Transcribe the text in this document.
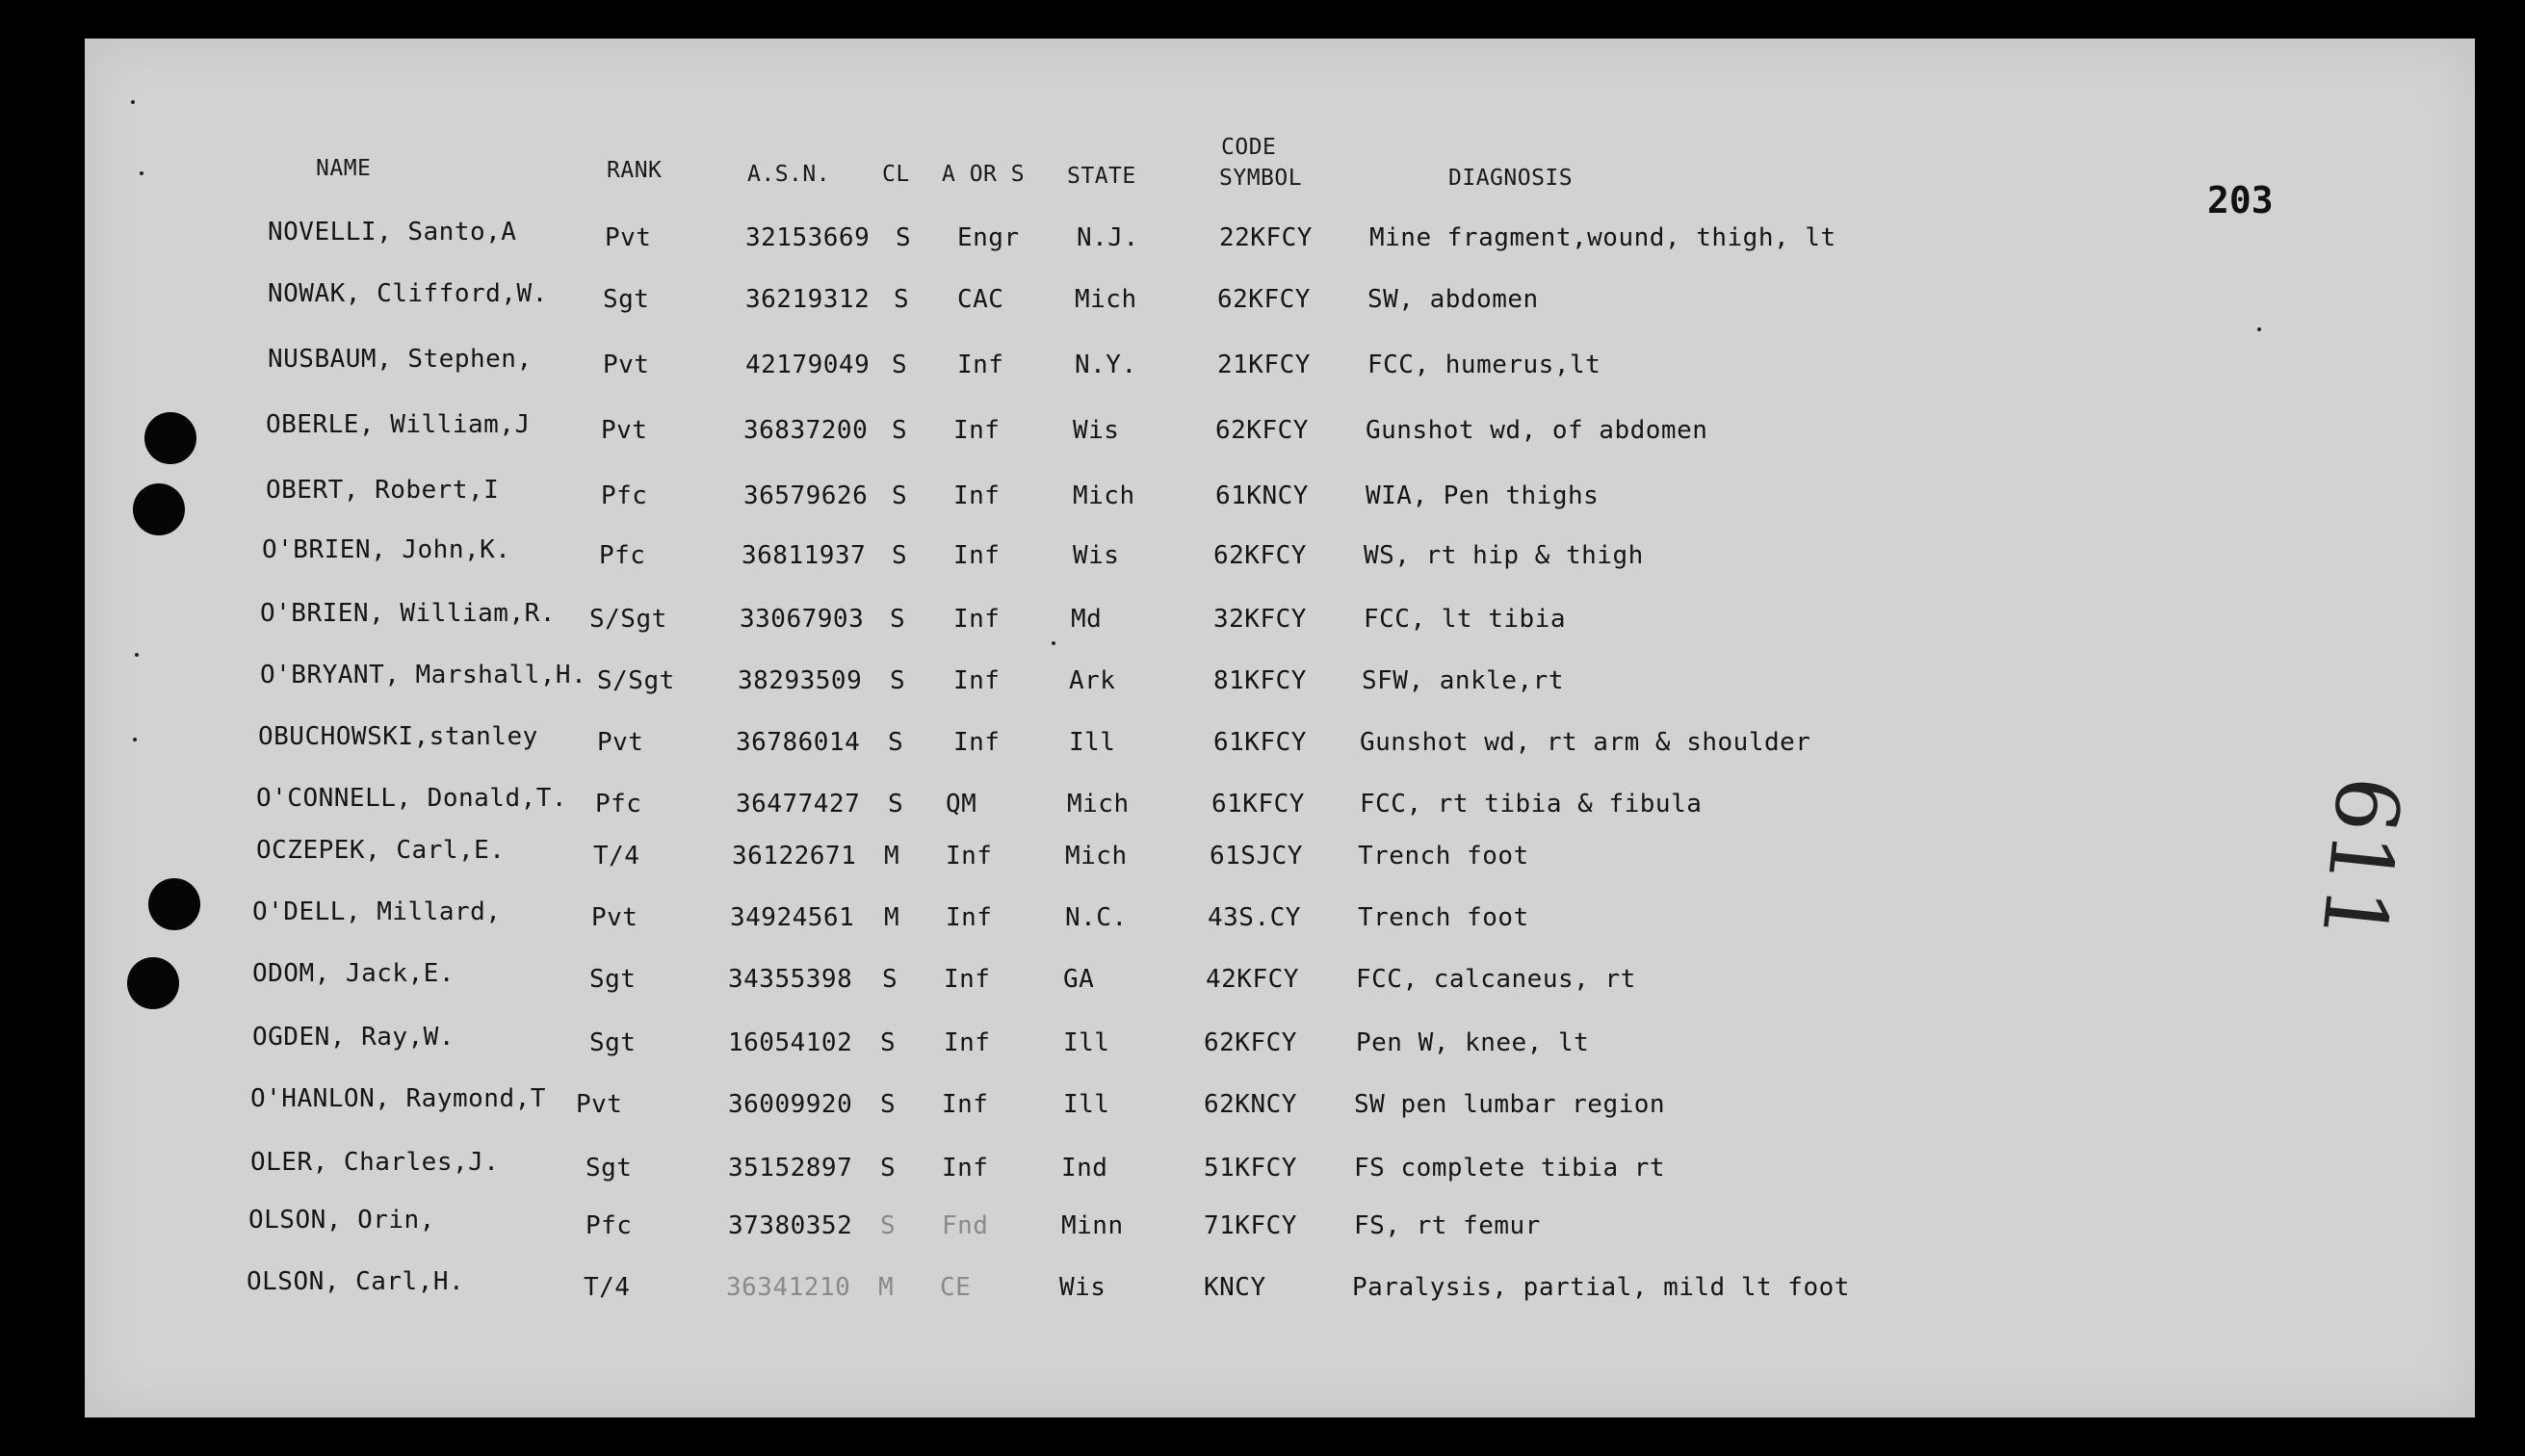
NAME	RANK	A.S.N. CL A OR S STATE
CODE
SYMBOL	DIAGNOSIS
203
611
NOVELLI, Santo,A	Pvt	32153669 S Engr N.J.	22KFCY Mine fragment,wound, thigh, lt
NOWAK, Clifford,W. Sgt	36219312 S CAC	Mich	62KFCY SW, abdomen
NUSBAUM, Stephen,	Pvt	42179049 S Inf	N.Y.	21KFCY FCC, humerus,lt
OBERLE, William,J	Pvt	36837200 S Inf	Wis	62KFCY Gunshot wd, of abdomen
OBERT, Robert,I	Pfc	36579626 S Inf	Mich	61KNCY WIA, Pen thighs
O'BRIEN, John,K.	Pfc	36811937 S Inf	Wis	62KFCY WS, rt hip & thigh
O'BRIEN, William,R. S/Sgt	33067903 S Inf	Md	32KFCY FCC, lt tibia
O'BRYANT, Marshall,H. S/Sgt	38293509 S Inf	Ark	81KFCY SFW, ankle,rt
OBUCHOWSKI,stanley Pvt	36786014 S Inf	Ill	61KFCY Gunshot wd, rt arm & shoulder
O'CONNELL, Donald,T. Pfc	36477427 S QM	Mich	61KFCY FCC, rt tibia & fibula
OCZEPEK, Carl,E.	T/4	36122671 M Inf	Mich	61SJCY Trench foot
O'DELL, Millard,	Pvt	34924561 M Inf	N.C.	43S.CY Trench foot
ODOM, Jack,E.	Sgt	34355398 S Inf	GA	42KFCY FCC, calcaneus, rt
OGDEN, Ray,W.	Sgt	16054102 S Inf	Ill	62KFCY Pen W, knee, lt
O'HANLON, Raymond,T Pvt	36009920 S Inf	Ill	62KNCY SW pen lumbar region
OLER, Charles,J.	Sgt	35152897 S Inf	Ind	51KFCY FS complete tibia rt
OLSON, Orin,	Pfc	37380352 S Fnd	Minn	71KFCY FS, rt femur
OLSON, Carl,H.	T/4	36341210 M CE	Wis	KNCY	Paralysis, partial, mild lt foot
